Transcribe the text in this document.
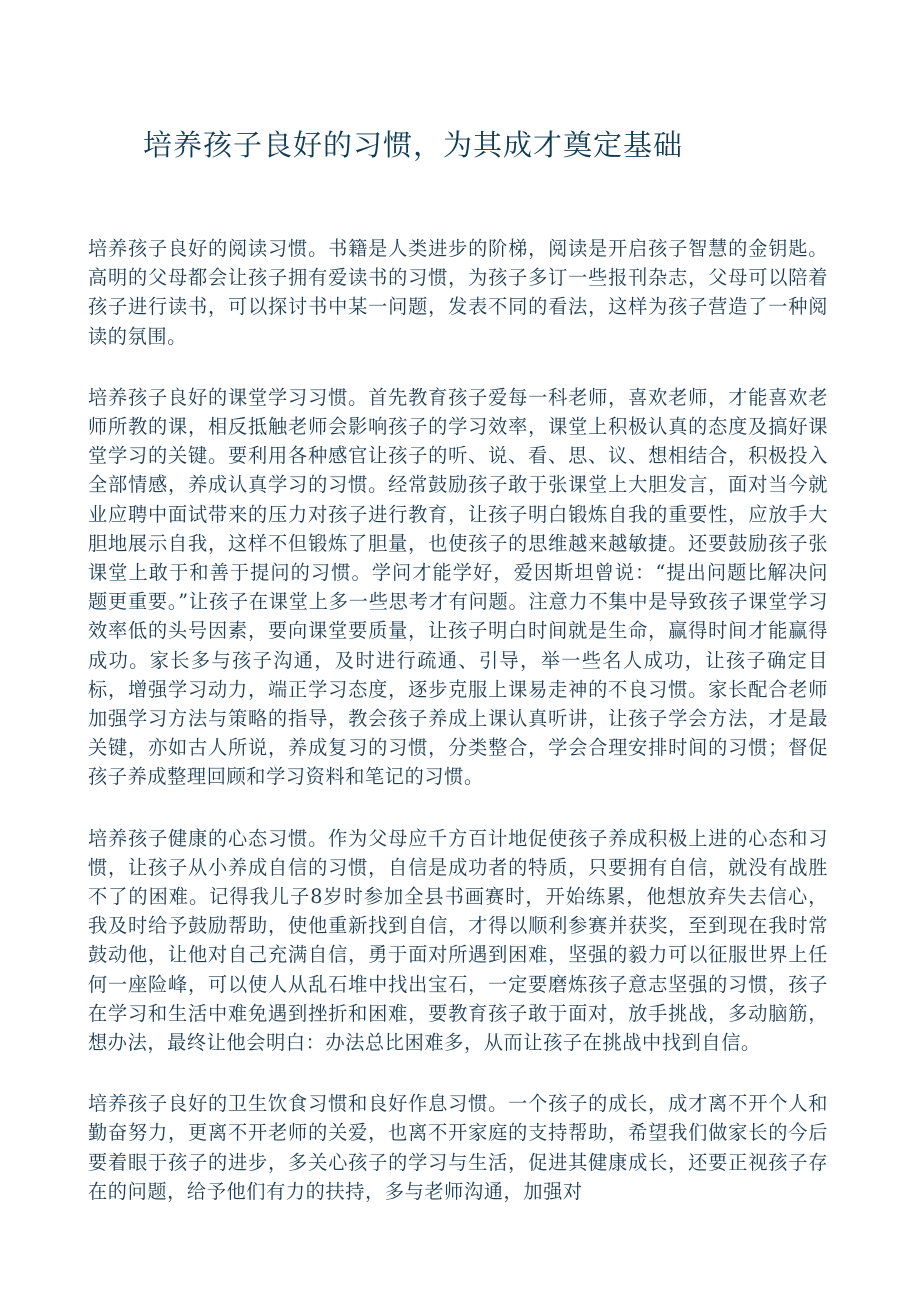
培养孩子良好的习惯，为其成才奠定基础

培养孩子良好的阅读习惯。书籍是人类进步的阶梯，阅读是开启孩子智慧的金钥匙。高明的父母都会让孩子拥有爱读书的习惯，为孩子多订一些报刊杂志，父母可以陪着孩子进行读书，可以探讨书中某一问题，发表不同的看法，这样为孩子营造了一种阅读的氛围。

培养孩子良好的课堂学习习惯。首先教育孩子爱每一科老师，喜欢老师，才能喜欢老师所教的课，相反抵触老师会影响孩子的学习效率，课堂上积极认真的态度及搞好课堂学习的关键。要利用各种感官让孩子的听、说、看、思、议、想相结合，积极投入全部情感，养成认真学习的习惯。经常鼓励孩子敢于张课堂上大胆发言，面对当今就业应聘中面试带来的压力对孩子进行教育，让孩子明白锻炼自我的重要性，应放手大胆地展示自我，这样不但锻炼了胆量，也使孩子的思维越来越敏捷。还要鼓励孩子张课堂上敢于和善于提问的习惯。学问才能学好，爱因斯坦曾说：“提出问题比解决问题更重要。”让孩子在课堂上多一些思考才有问题。注意力不集中是导致孩子课堂学习效率低的头号因素，要向课堂要质量，让孩子明白时间就是生命，赢得时间才能赢得成功。家长多与孩子沟通，及时进行疏通、引导，举一些名人成功，让孩子确定目标，增强学习动力，端正学习态度，逐步克服上课易走神的不良习惯。家长配合老师加强学习方法与策略的指导，教会孩子养成上课认真听讲，让孩子学会方法，才是最关键，亦如古人所说，养成复习的习惯，分类整合，学会合理安排时间的习惯；督促孩子养成整理回顾和学习资料和笔记的习惯。

培养孩子健康的心态习惯。作为父母应千方百计地促使孩子养成积极上进的心态和习惯，让孩子从小养成自信的习惯，自信是成功者的特质，只要拥有自信，就没有战胜不了的困难。记得我儿子8岁时参加全县书画赛时，开始练累，他想放弃失去信心，我及时给予鼓励帮助，使他重新找到自信，才得以顺利参赛并获奖，至到现在我时常鼓动他，让他对自己充满自信，勇于面对所遇到困难，坚强的毅力可以征服世界上任何一座险峰，可以使人从乱石堆中找出宝石，一定要磨炼孩子意志坚强的习惯，孩子在学习和生活中难免遇到挫折和困难，要教育孩子敢于面对，放手挑战，多动脑筋，想办法，最终让他会明白：办法总比困难多，从而让孩子在挑战中找到自信。

培养孩子良好的卫生饮食习惯和良好作息习惯。一个孩子的成长，成才离不开个人和勤奋努力，更离不开老师的关爱，也离不开家庭的支持帮助，希望我们做家长的今后要着眼于孩子的进步，多关心孩子的学习与生活，促进其健康成长，还要正视孩子存在的问题，给予他们有力的扶持，多与老师沟通，加强对
